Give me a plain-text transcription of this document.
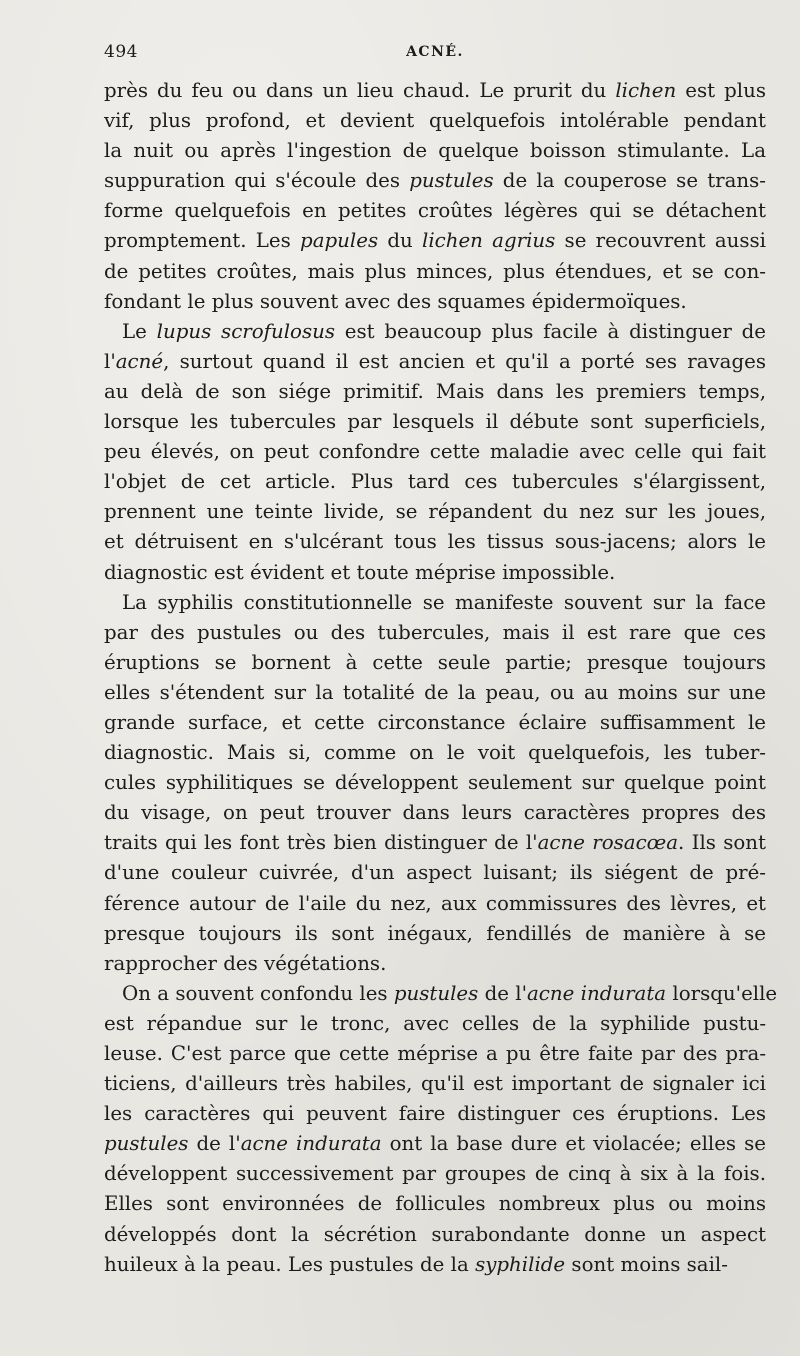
494	ACNÉ.
près du feu ou dans un lieu chaud. Le prurit du lichen est plus
vif, plus profond, et devient quelquefois intolérable pendant
la nuit ou après l'ingestion de quelque boisson stimulante. La
suppuration qui s'écoule des pustules de la couperose se trans-
forme quelquefois en petites croûtes légères qui se détachent
promptement. Les papules du lichen agrius se recouvrent aussi
de petites croûtes, mais plus minces, plus étendues, et se con-
fondant le plus souvent avec des squames épidermoïques.
Le lupus scrofulosus est beaucoup plus facile à distinguer de
l'acné, surtout quand il est ancien et qu'il a porté ses ravages
au delà de son siége primitif. Mais dans les premiers temps,
lorsque les tubercules par lesquels il débute sont superficiels,
peu élevés, on peut confondre cette maladie avec celle qui fait
l'objet de cet article. Plus tard ces tubercules s'élargissent,
prennent une teinte livide, se répandent du nez sur les joues,
et détruisent en s'ulcérant tous les tissus sous-jacens; alors le
diagnostic est évident et toute méprise impossible.
La syphilis constitutionnelle se manifeste souvent sur la face
par des pustules ou des tubercules, mais il est rare que ces
éruptions se bornent à cette seule partie; presque toujours
elles s'étendent sur la totalité de la peau, ou au moins sur une
grande surface, et cette circonstance éclaire suffisamment le
diagnostic. Mais si, comme on le voit quelquefois, les tuber-
cules syphilitiques se développent seulement sur quelque point
du visage, on peut trouver dans leurs caractères propres des
traits qui les font très bien distinguer de l'acne rosacœa. Ils sont
d'une couleur cuivrée, d'un aspect luisant; ils siégent de pré-
férence autour de l'aile du nez, aux commissures des lèvres, et
presque toujours ils sont inégaux, fendillés de manière à se
rapprocher des végétations.
On a souvent confondu les pustules de l'acne indurata lorsqu'elle
est répandue sur le tronc, avec celles de la syphilide pustu-
leuse. C'est parce que cette méprise a pu être faite par des pra-
ticiens, d'ailleurs très habiles, qu'il est important de signaler ici
les caractères qui peuvent faire distinguer ces éruptions. Les
pustules de l'acne indurata ont la base dure et violacée; elles se
développent successivement par groupes de cinq à six à la fois.
Elles sont environnées de follicules nombreux plus ou moins
développés dont la sécrétion surabondante donne un aspect
huileux à la peau. Les pustules de la syphilide sont moins sail-
